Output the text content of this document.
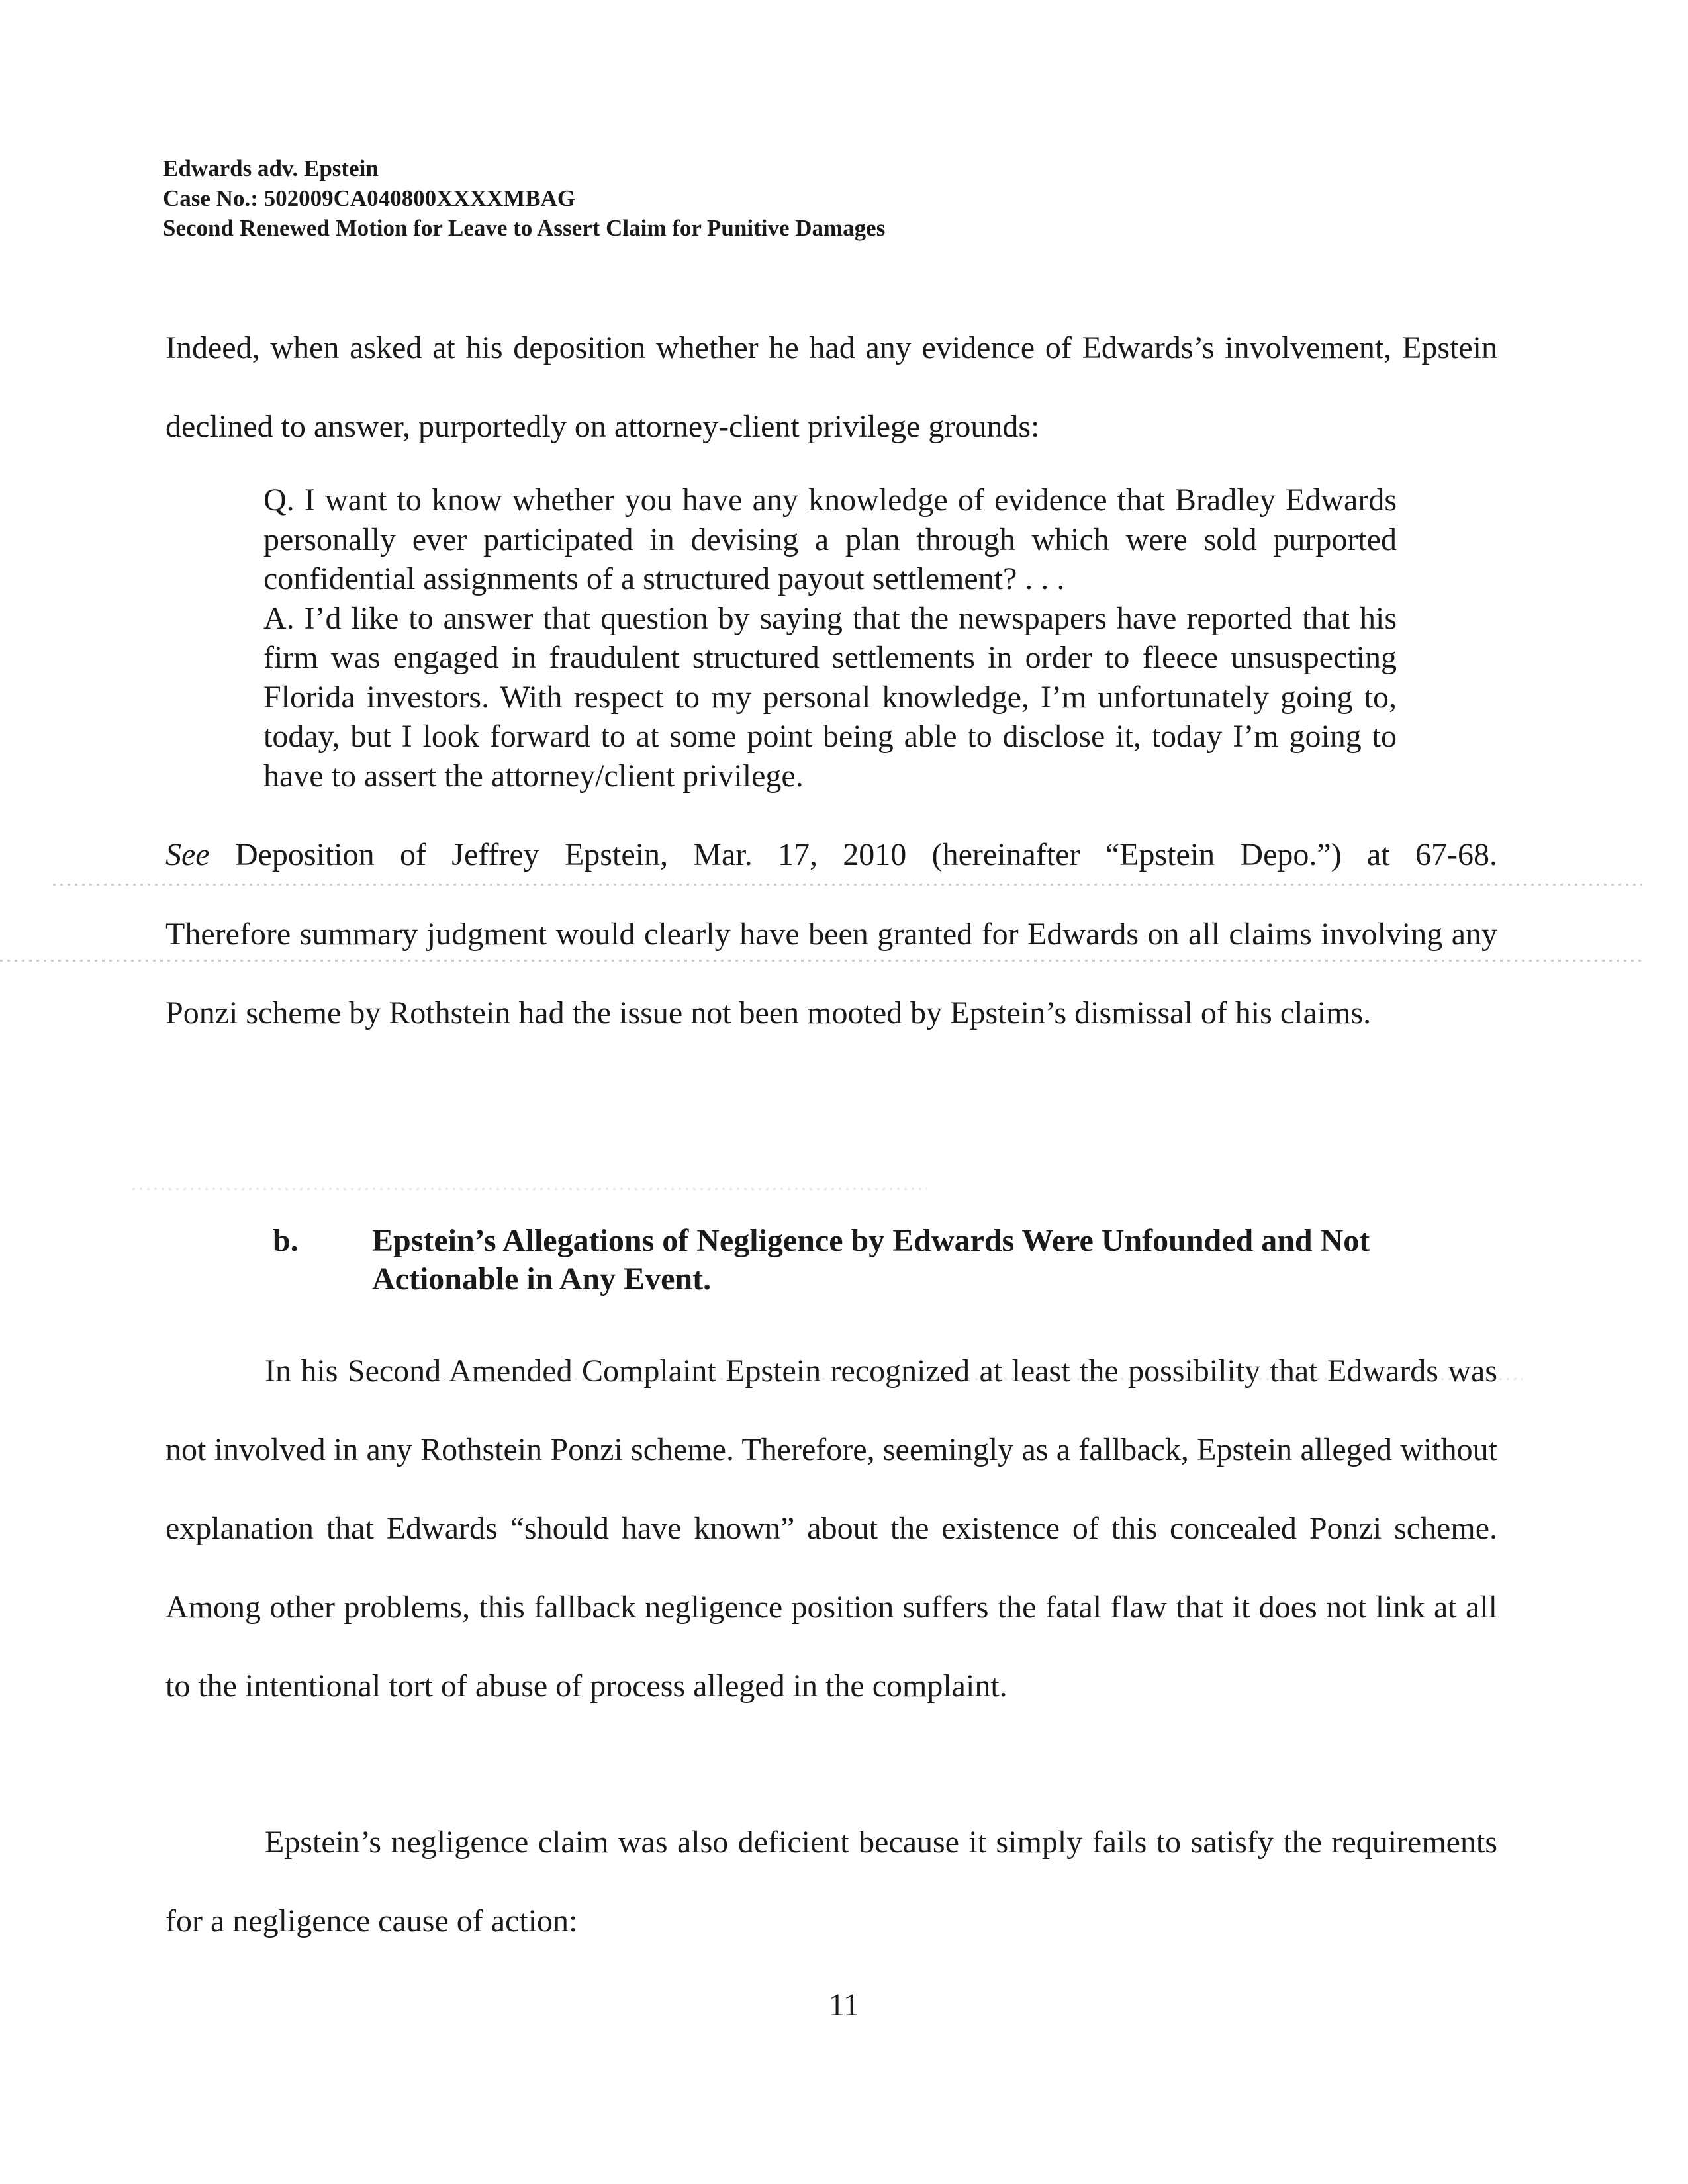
Edwards adv. Epstein
Case No.: 502009CA040800XXXXMBAG
Second Renewed Motion for Leave to Assert Claim for Punitive Damages
Indeed, when asked at his deposition whether he had any evidence of Edwards’s involvement, Epstein declined to answer, purportedly on attorney-client privilege grounds:

Q. I want to know whether you have any knowledge of evidence that Bradley Edwards personally ever participated in devising a plan through which were sold purported confidential assignments of a structured payout settlement? . . .

A. I’d like to answer that question by saying that the newspapers have reported that his firm was engaged in fraudulent structured settlements in order to fleece unsuspecting Florida investors. With respect to my personal knowledge, I’m unfortunately going to, today, but I look forward to at some point being able to disclose it, today I’m going to have to assert the attorney/client privilege.

See Deposition of Jeffrey Epstein, Mar. 17, 2010 (hereinafter “Epstein Depo.”) at 67-68.
Therefore summary judgment would clearly have been granted for Edwards on all claims involving any Ponzi scheme by Rothstein had the issue not been mooted by Epstein’s dismissal of his claims.
b. Epstein’s Allegations of Negligence by Edwards Were Unfounded and Not Actionable in Any Event.
In his Second Amended Complaint Epstein recognized at least the possibility that Edwards was not involved in any Rothstein Ponzi scheme. Therefore, seemingly as a fallback, Epstein alleged without explanation that Edwards “should have known” about the existence of this concealed Ponzi scheme. Among other problems, this fallback negligence position suffers the fatal flaw that it does not link at all to the intentional tort of abuse of process alleged in the complaint.
Epstein’s negligence claim was also deficient because it simply fails to satisfy the requirements for a negligence cause of action:
11
